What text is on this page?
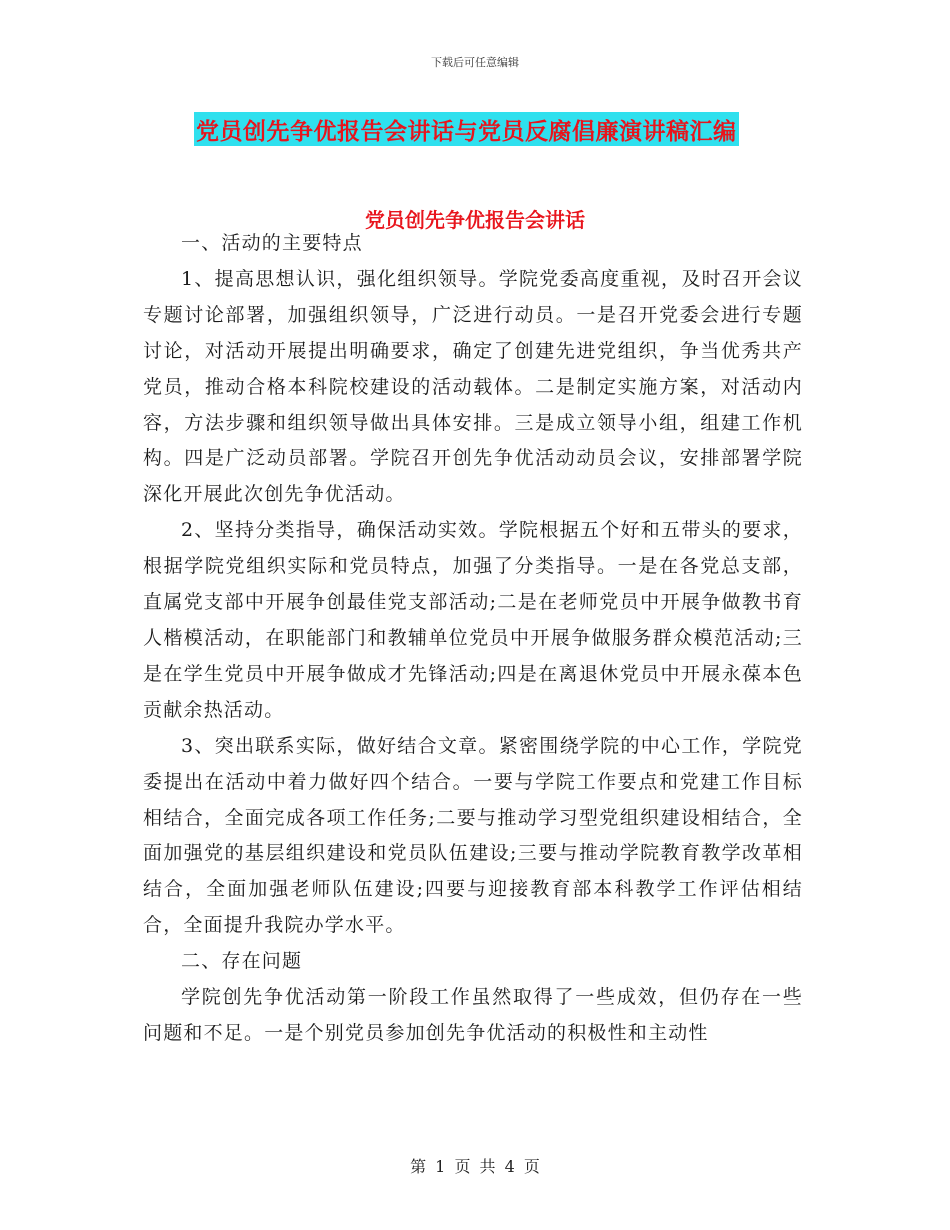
下载后可任意编辑
党员创先争优报告会讲话与党员反腐倡廉演讲稿汇编
党员创先争优报告会讲话

一、活动的主要特点

1、提高思想认识，强化组织领导。学院党委高度重视，及时召开会议专题讨论部署，加强组织领导，广泛进行动员。一是召开党委会进行专题讨论，对活动开展提出明确要求，确定了创建先进党组织，争当优秀共产党员，推动合格本科院校建设的活动载体。二是制定实施方案，对活动内容，方法步骤和组织领导做出具体安排。三是成立领导小组，组建工作机构。四是广泛动员部署。学院召开创先争优活动动员会议，安排部署学院深化开展此次创先争优活动。

2、坚持分类指导，确保活动实效。学院根据五个好和五带头的要求，根据学院党组织实际和党员特点，加强了分类指导。一是在各党总支部，直属党支部中开展争创最佳党支部活动;二是在老师党员中开展争做教书育人楷模活动，在职能部门和教辅单位党员中开展争做服务群众模范活动;三是在学生党员中开展争做成才先锋活动;四是在离退休党员中开展永葆本色贡献余热活动。

3、突出联系实际，做好结合文章。紧密围绕学院的中心工作，学院党委提出在活动中着力做好四个结合。一要与学院工作要点和党建工作目标相结合，全面完成各项工作任务;二要与推动学习型党组织建设相结合，全面加强党的基层组织建设和党员队伍建设;三要与推动学院教育教学改革相结合，全面加强老师队伍建设;四要与迎接教育部本科教学工作评估相结合，全面提升我院办学水平。

二、存在问题

学院创先争优活动第一阶段工作虽然取得了一些成效，但仍存在一些问题和不足。一是个别党员参加创先争优活动的积极性和主动性

第 1 页 共 4 页
